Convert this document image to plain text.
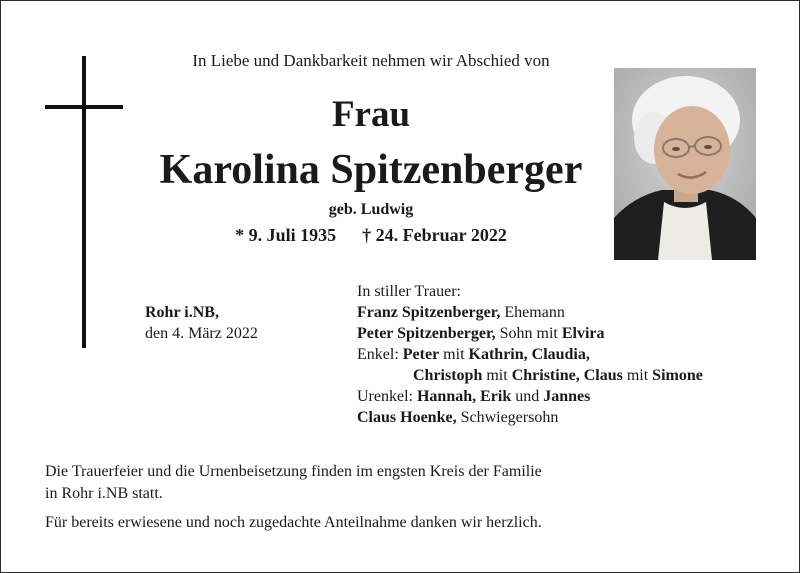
In Liebe und Dankbarkeit nehmen wir Abschied von
Frau
Karolina Spitzenberger
geb. Ludwig
* 9. Juli 1935 † 24. Februar 2022
Rohr i.NB,
den 4. März 2022
In stiller Trauer:
Franz Spitzenberger, Ehemann
Peter Spitzenberger, Sohn mit Elvira
Enkel: Peter mit Kathrin, Claudia,
Christoph mit Christine, Claus mit Simone
Urenkel: Hannah, Erik und Jannes
Claus Hoenke, Schwiegersohn
Die Trauerfeier und die Urnenbeisetzung finden im engsten Kreis der Familie
in Rohr i.NB statt.
Für bereits erwiesene und noch zugedachte Anteilnahme danken wir herzlich.
